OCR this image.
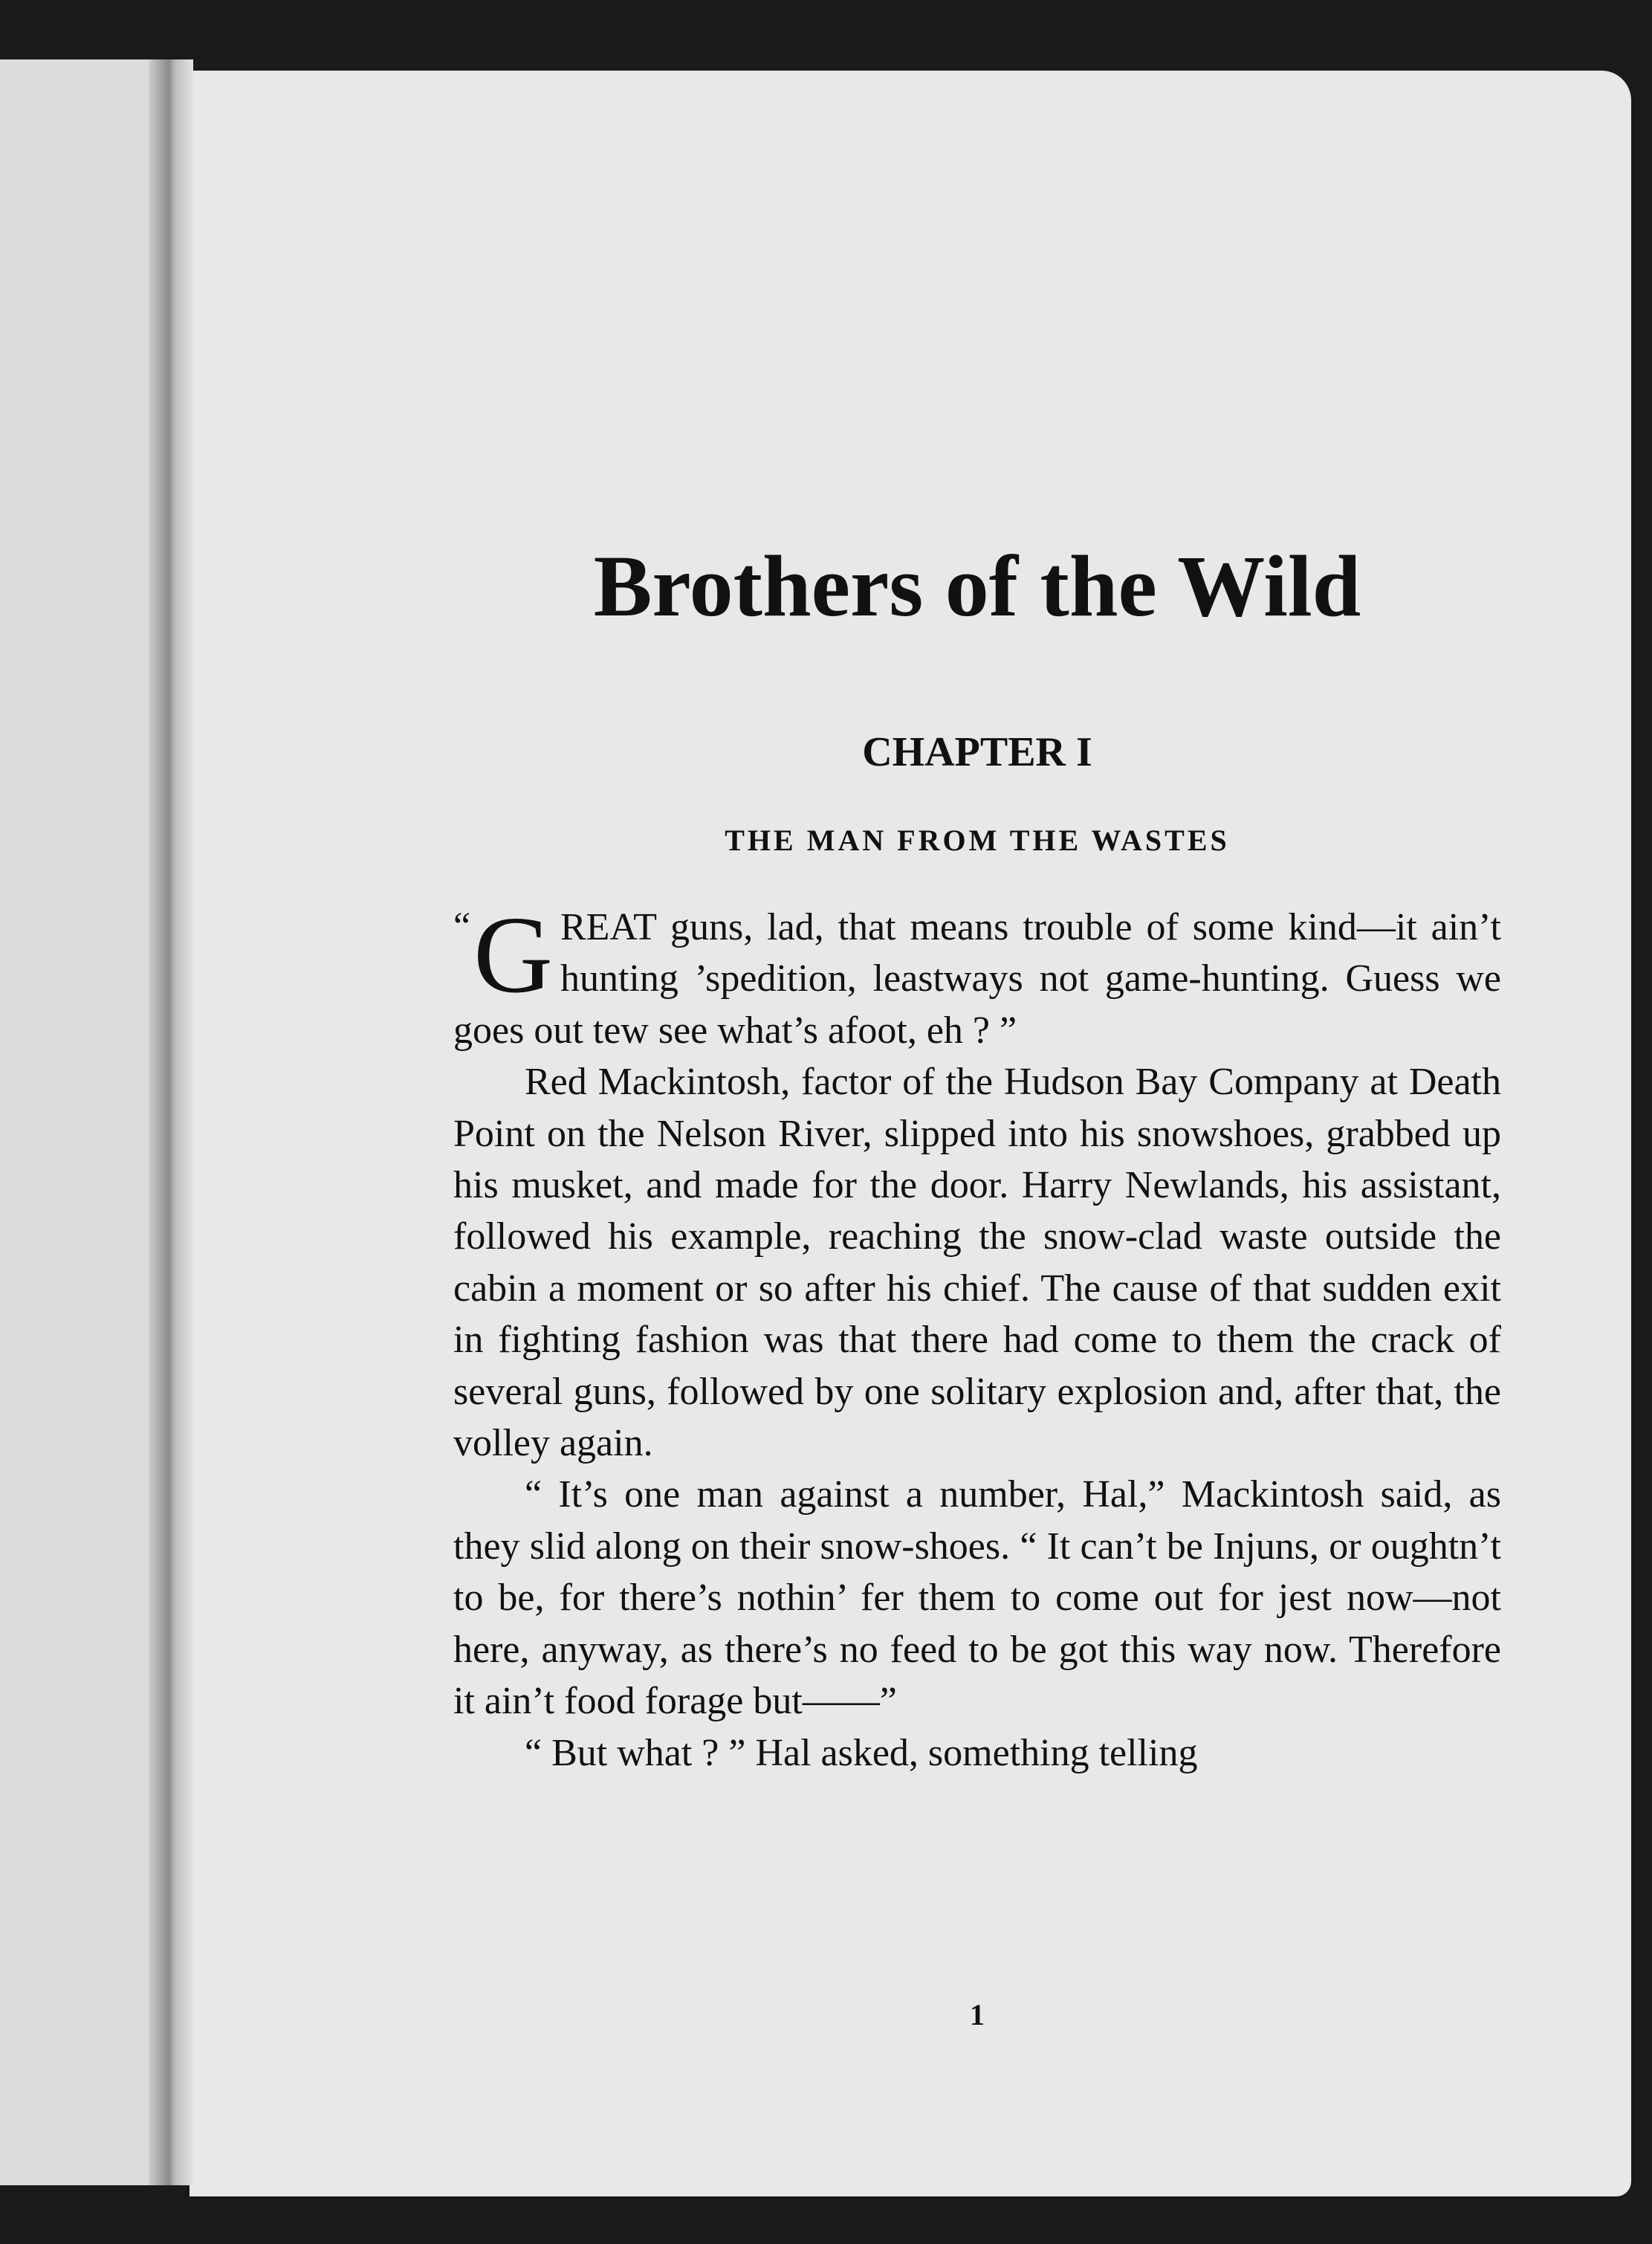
Brothers of the Wild
CHAPTER I
THE MAN FROM THE WASTES

“ G REAT guns, lad, that means trouble of some kind—it ain’t hunting ’spedition, leastways not game-hunting. Guess we goes out tew see what’s afoot, eh ? ”

Red Mackintosh, factor of the Hudson Bay Company at Death Point on the Nelson River, slipped into his snowshoes, grabbed up his musket, and made for the door. Harry Newlands, his assistant, followed his example, reaching the snow-clad waste outside the cabin a moment or so after his chief. The cause of that sudden exit in fighting fashion was that there had come to them the crack of several guns, followed by one solitary explosion and, after that, the volley again.

“ It’s one man against a number, Hal,” Mackintosh said, as they slid along on their snow-shoes. “ It can’t be Injuns, or oughtn’t to be, for there’s nothin’ fer them to come out for jest now—not here, anyway, as there’s no feed to be got this way now. Therefore it ain’t food forage but——”

“ But what ? ” Hal asked, something telling

1
